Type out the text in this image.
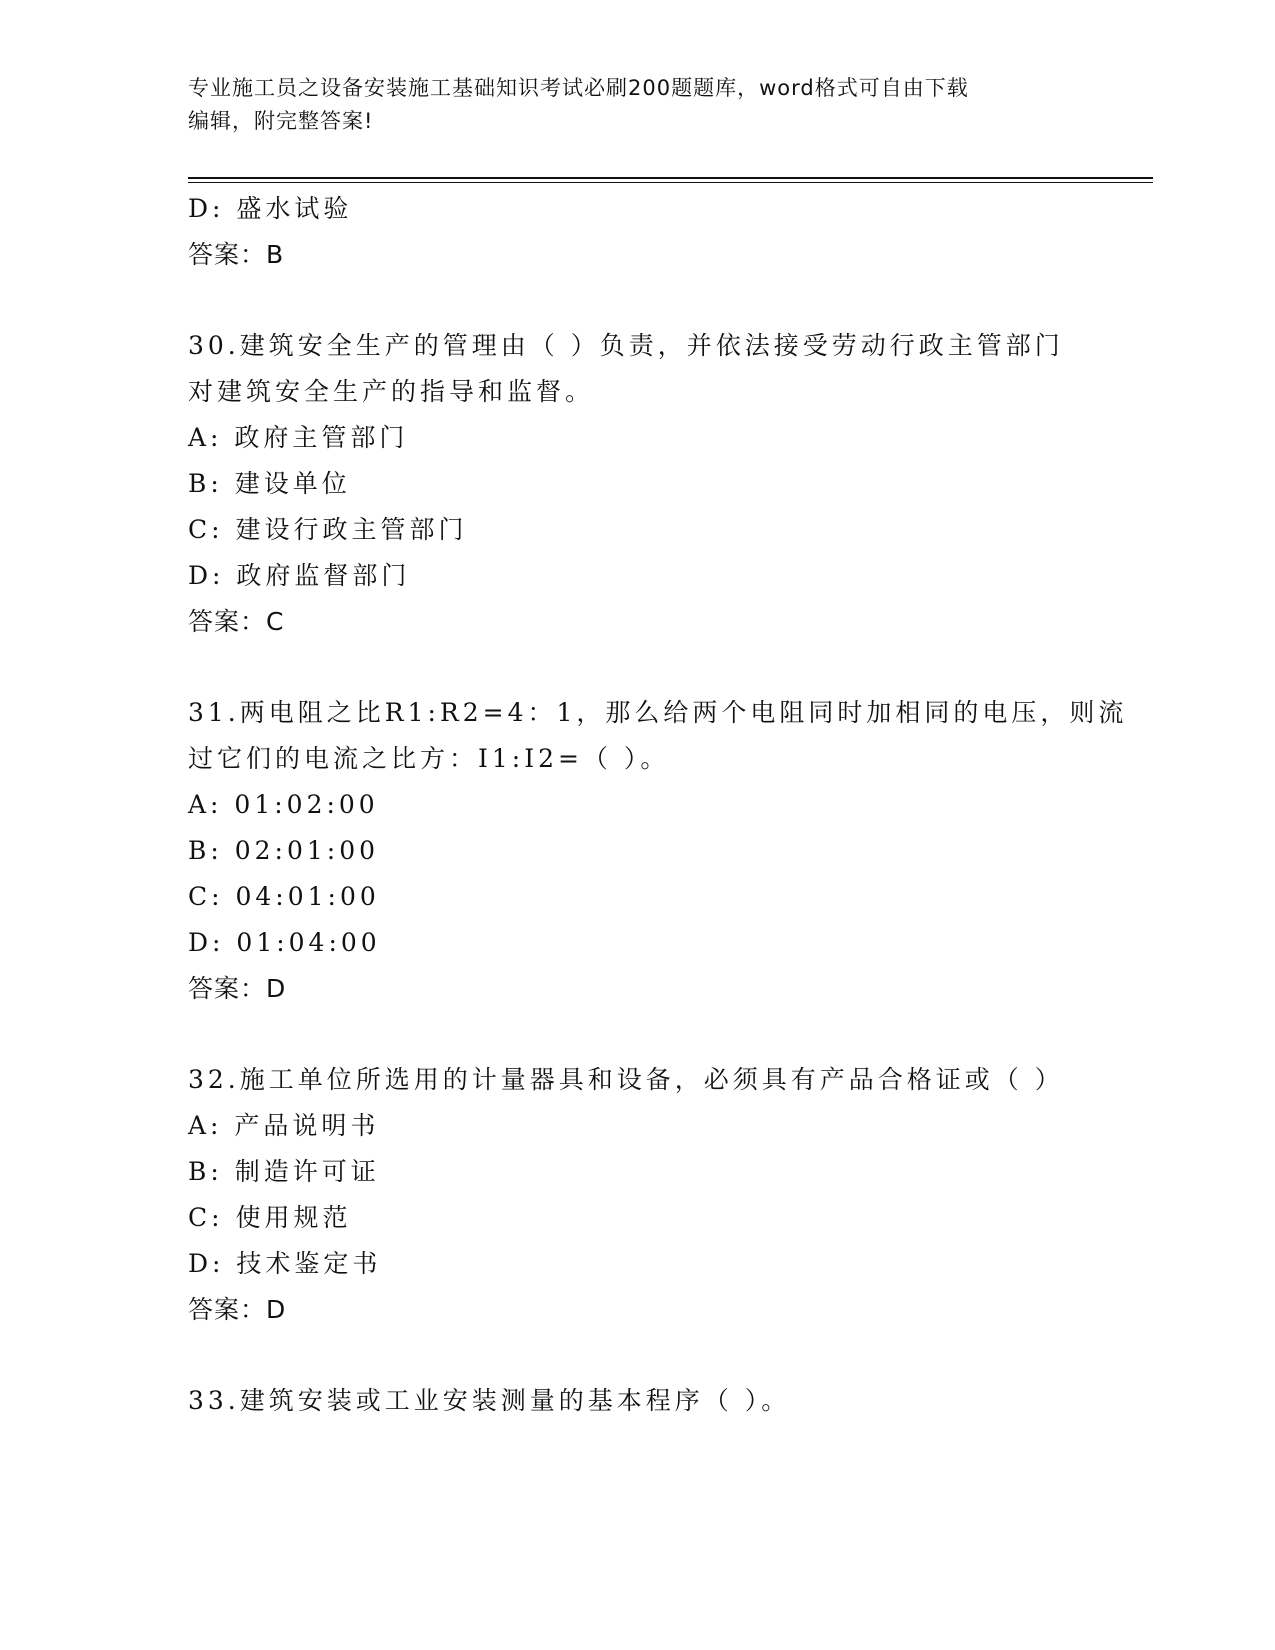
专业施工员之设备安装施工基础知识考试必刷200题题库，word格式可自由下载
编辑，附完整答案!
D: 盛水试验
答案：B
30.建筑安全生产的管理由（ ）负责，并依法接受劳动行政主管部门
对建筑安全生产的指导和监督。
A: 政府主管部门
B: 建设单位
C: 建设行政主管部门
D: 政府监督部门
答案：C
31.两电阻之比R1:R2=4：1，那么给两个电阻同时加相同的电压，则流
过它们的电流之比方：I1:I2=（ ）。
A: 01:02:00
B: 02:01:00
C: 04:01:00
D: 01:04:00
答案：D
32.施工单位所选用的计量器具和设备，必须具有产品合格证或（ ）
A: 产品说明书
B: 制造许可证
C: 使用规范
D: 技术鉴定书
答案：D
33.建筑安装或工业安装测量的基本程序（ ）。
